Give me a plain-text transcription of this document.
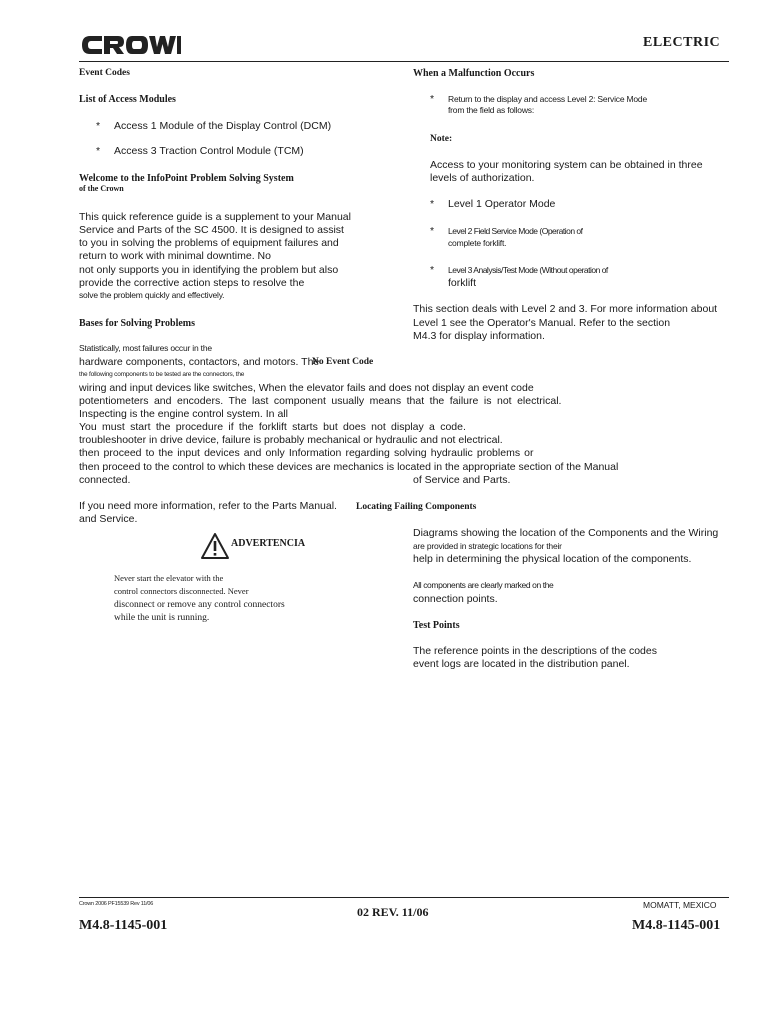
ELECTRIC
Event Codes
List of Access Modules
* Access 1 Module of the Display Control (DCM)
* Access 3 Traction Control Module (TCM)
Welcome to the InfoPoint Problem Solving System
of the Crown
This quick reference guide is a supplement to your Manual
Service and Parts of the SC 4500. It is designed to assist
to you in solving the problems of equipment failures and
return to work with minimal downtime. No
not only supports you in identifying the problem but also
provide the corrective action steps to resolve the
solve the problem quickly and effectively.
Bases for Solving Problems
Statistically, most failures occur in the
hardware components, contactors, and motors. The
No Event Code
the following components to be tested are the connectors, the
wiring and input devices like switches, When the elevator fails and does not display an event code
potentiometers and encoders. The last component usually means that the failure is not electrical.
Inspecting is the engine control system. In all
You must start the procedure if the forklift starts but does not display a code.
troubleshooter in drive device, failure is probably mechanical or hydraulic and not electrical.
then proceed to the input devices and only Information regarding solving hydraulic problems or
then proceed to the control to which these devices are mechanics is located in the appropriate section of the Manual
connected.	of Service and Parts.
If you need more information, refer to the Parts Manual. Locating Failing Components
and Service.
ADVERTENCIA
Never start the elevator with the
control connectors disconnected. Never
disconnect or remove any control connectors
while the unit is running.
When a Malfunction Occurs
* Return to the display and access Level 2: Service Mode
from the field as follows:
Note:
Access to your monitoring system can be obtained in three
levels of authorization.
* Level 1 Operator Mode
* Level 2 Field Service Mode (Operation of
complete forklift.
* Level 3 Analysis/Test Mode (Without operation of
forklift
This section deals with Level 2 and 3. For more information about
Level 1 see the Operator's Manual. Refer to the section
M4.3 for display information.
Diagrams showing the location of the Components and the Wiring
are provided in strategic locations for their
help in determining the physical location of the components.
All components are clearly marked on the
connection points.
Test Points
The reference points in the descriptions of the codes
event logs are located in the distribution panel.
Crown 2006 PF15539 Rev 11/06	MOMATT, MEXICO
02 REV. 11/06
M4.8-1145-001	M4.8-1145-001
